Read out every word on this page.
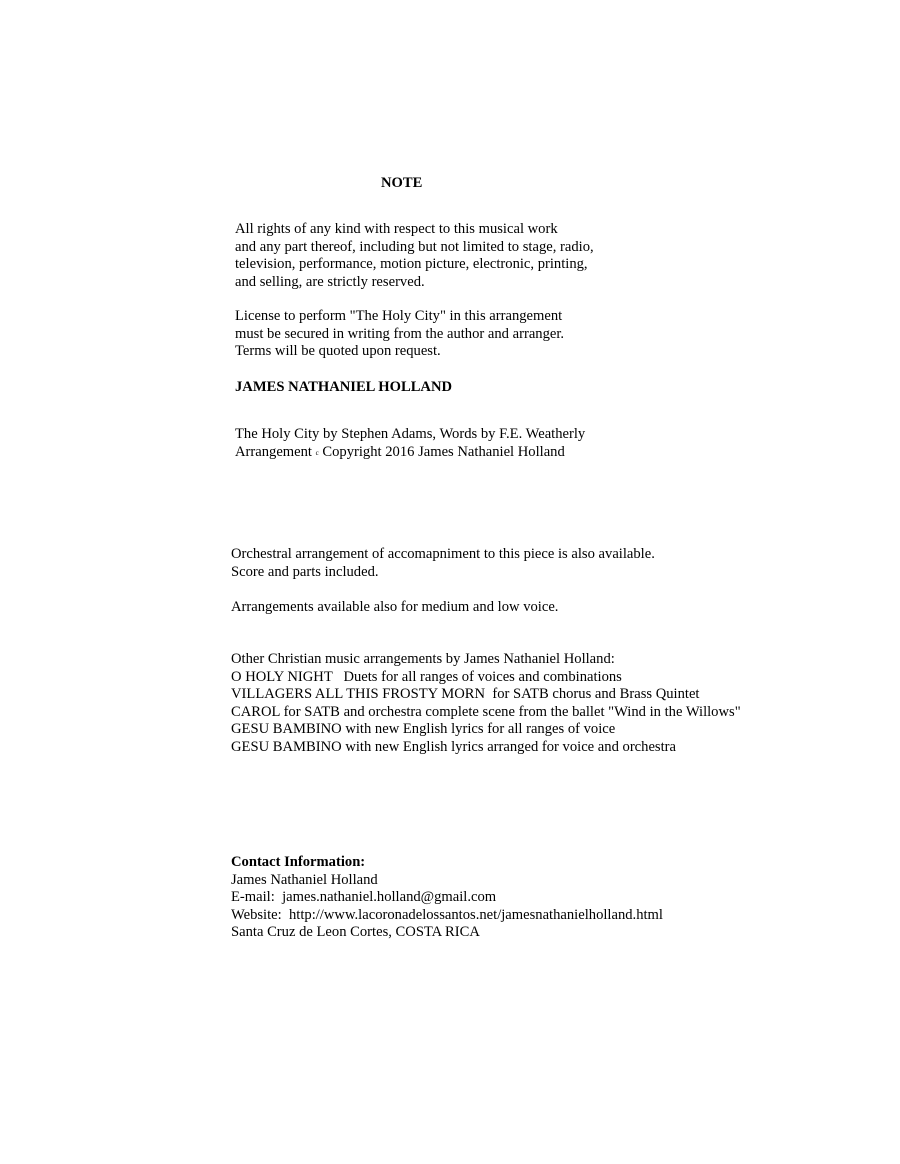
NOTE
All rights of any kind with respect to this musical work
and any part thereof, including but not limited to stage, radio,
television, performance, motion picture, electronic, printing,
and selling, are strictly reserved.
License to perform "The Holy City" in this arrangement
must be secured in writing from the author and arranger.
Terms will be quoted upon request.
JAMES NATHANIEL HOLLAND
The Holy City by Stephen Adams, Words by F.E. Weatherly
Arrangement c Copyright 2016 James Nathaniel Holland
Orchestral arrangement of accomapniment to this piece is also available.
Score and parts included.
Arrangements available also for medium and low voice.
Other Christian music arrangements by James Nathaniel Holland:
O HOLY NIGHT   Duets for all ranges of voices and combinations
VILLAGERS ALL THIS FROSTY MORN  for SATB chorus and Brass Quintet
CAROL for SATB and orchestra complete scene from the ballet "Wind in the Willows"
GESU BAMBINO with new English lyrics for all ranges of voice
GESU BAMBINO with new English lyrics arranged for voice and orchestra
Contact Information:
James Nathaniel Holland
E-mail:  james.nathaniel.holland@gmail.com
Website:  http://www.lacoronadelossantos.net/jamesnathanielholland.html
Santa Cruz de Leon Cortes, COSTA RICA
